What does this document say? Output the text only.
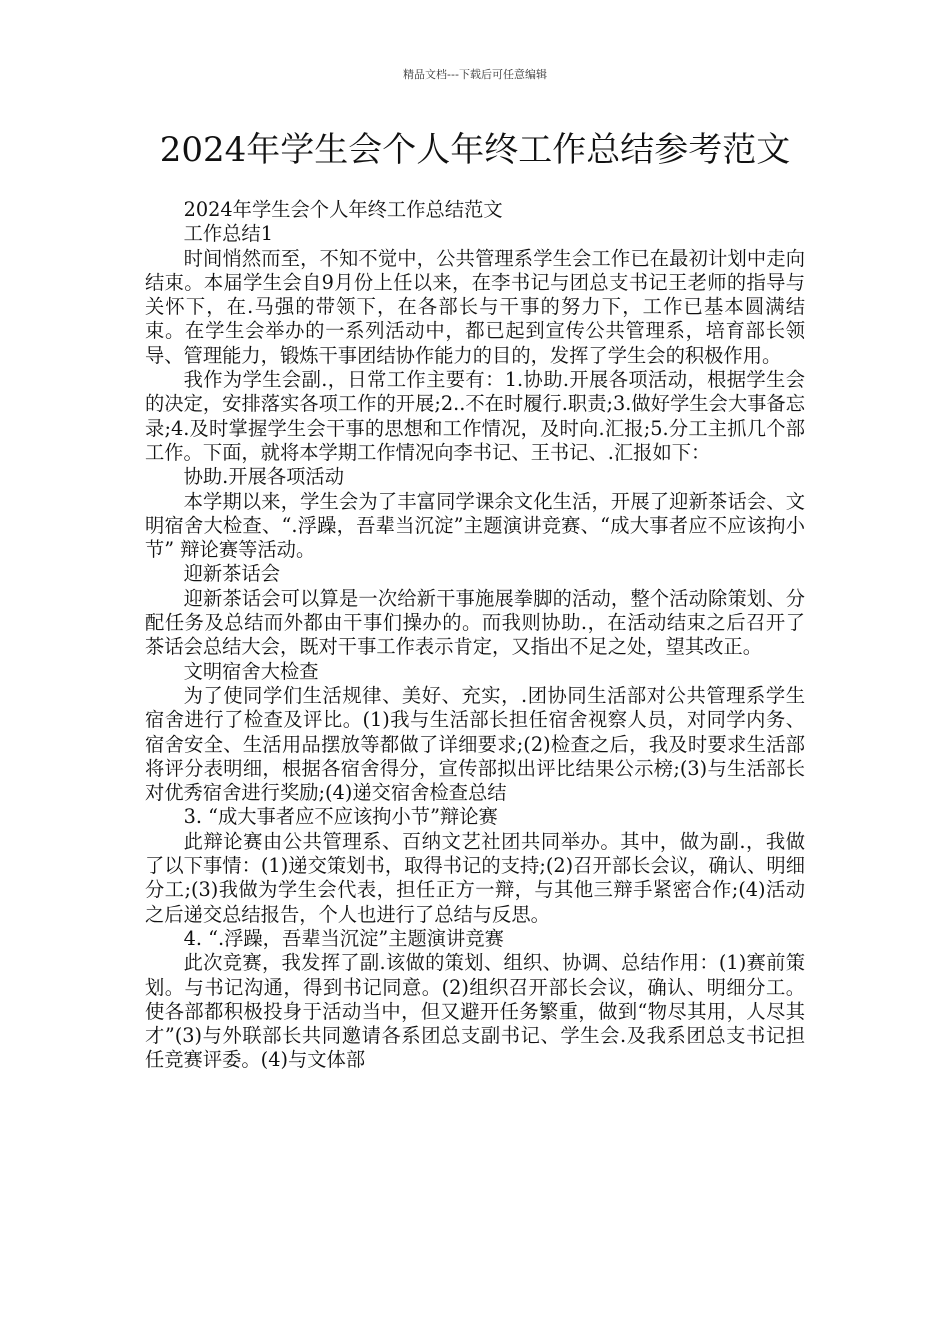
精品文档---下载后可任意编辑
2024年学生会个人年终工作总结参考范文

2024年学生会个人年终工作总结范文

工作总结1

时间悄然而至，不知不觉中，公共管理系学生会工作已在最初计划中走向结束。本届学生会自9月份上任以来，在李书记与团总支书记王老师的指导与关怀下，在.马强的带领下，在各部长与干事的努力下，工作已基本圆满结束。在学生会举办的一系列活动中，都已起到宣传公共管理系，培育部长领导、管理能力，锻炼干事团结协作能力的目的，发挥了学生会的积极作用。

我作为学生会副.，日常工作主要有：1.协助.开展各项活动，根据学生会的决定，安排落实各项工作的开展;2..不在时履行.职责;3.做好学生会大事备忘录;4.及时掌握学生会干事的思想和工作情况，及时向.汇报;5.分工主抓几个部工作。下面，就将本学期工作情况向李书记、王书记、.汇报如下：

协助.开展各项活动

本学期以来，学生会为了丰富同学课余文化生活，开展了迎新茶话会、文明宿舍大检查、“.浮躁，吾辈当沉淀”主题演讲竞赛、“成大事者应不应该拘小节” 辩论赛等活动。

迎新茶话会

迎新茶话会可以算是一次给新干事施展拳脚的活动，整个活动除策划、分配任务及总结而外都由干事们操办的。而我则协助.，在活动结束之后召开了茶话会总结大会，既对干事工作表示肯定，又指出不足之处，望其改正。

文明宿舍大检查

为了使同学们生活规律、美好、充实，.团协同生活部对公共管理系学生宿舍进行了检查及评比。(1)我与生活部长担任宿舍视察人员，对同学内务、宿舍安全、生活用品摆放等都做了详细要求;(2)检查之后，我及时要求生活部将评分表明细，根据各宿舍得分，宣传部拟出评比结果公示榜;(3)与生活部长对优秀宿舍进行奖励;(4)递交宿舍检查总结

3. “成大事者应不应该拘小节”辩论赛

此辩论赛由公共管理系、百纳文艺社团共同举办。其中，做为副.，我做了以下事情：(1)递交策划书，取得书记的支持;(2)召开部长会议，确认、明细分工;(3)我做为学生会代表，担任正方一辩，与其他三辩手紧密合作;(4)活动之后递交总结报告，个人也进行了总结与反思。

4. “.浮躁，吾辈当沉淀”主题演讲竞赛

此次竞赛，我发挥了副.该做的策划、组织、协调、总结作用：(1)赛前策划。与书记沟通，得到书记同意。(2)组织召开部长会议，确认、明细分工。使各部都积极投身于活动当中，但又避开任务繁重，做到“物尽其用，人尽其才”(3)与外联部长共同邀请各系团总支副书记、学生会.及我系团总支书记担任竞赛评委。(4)与文体部
